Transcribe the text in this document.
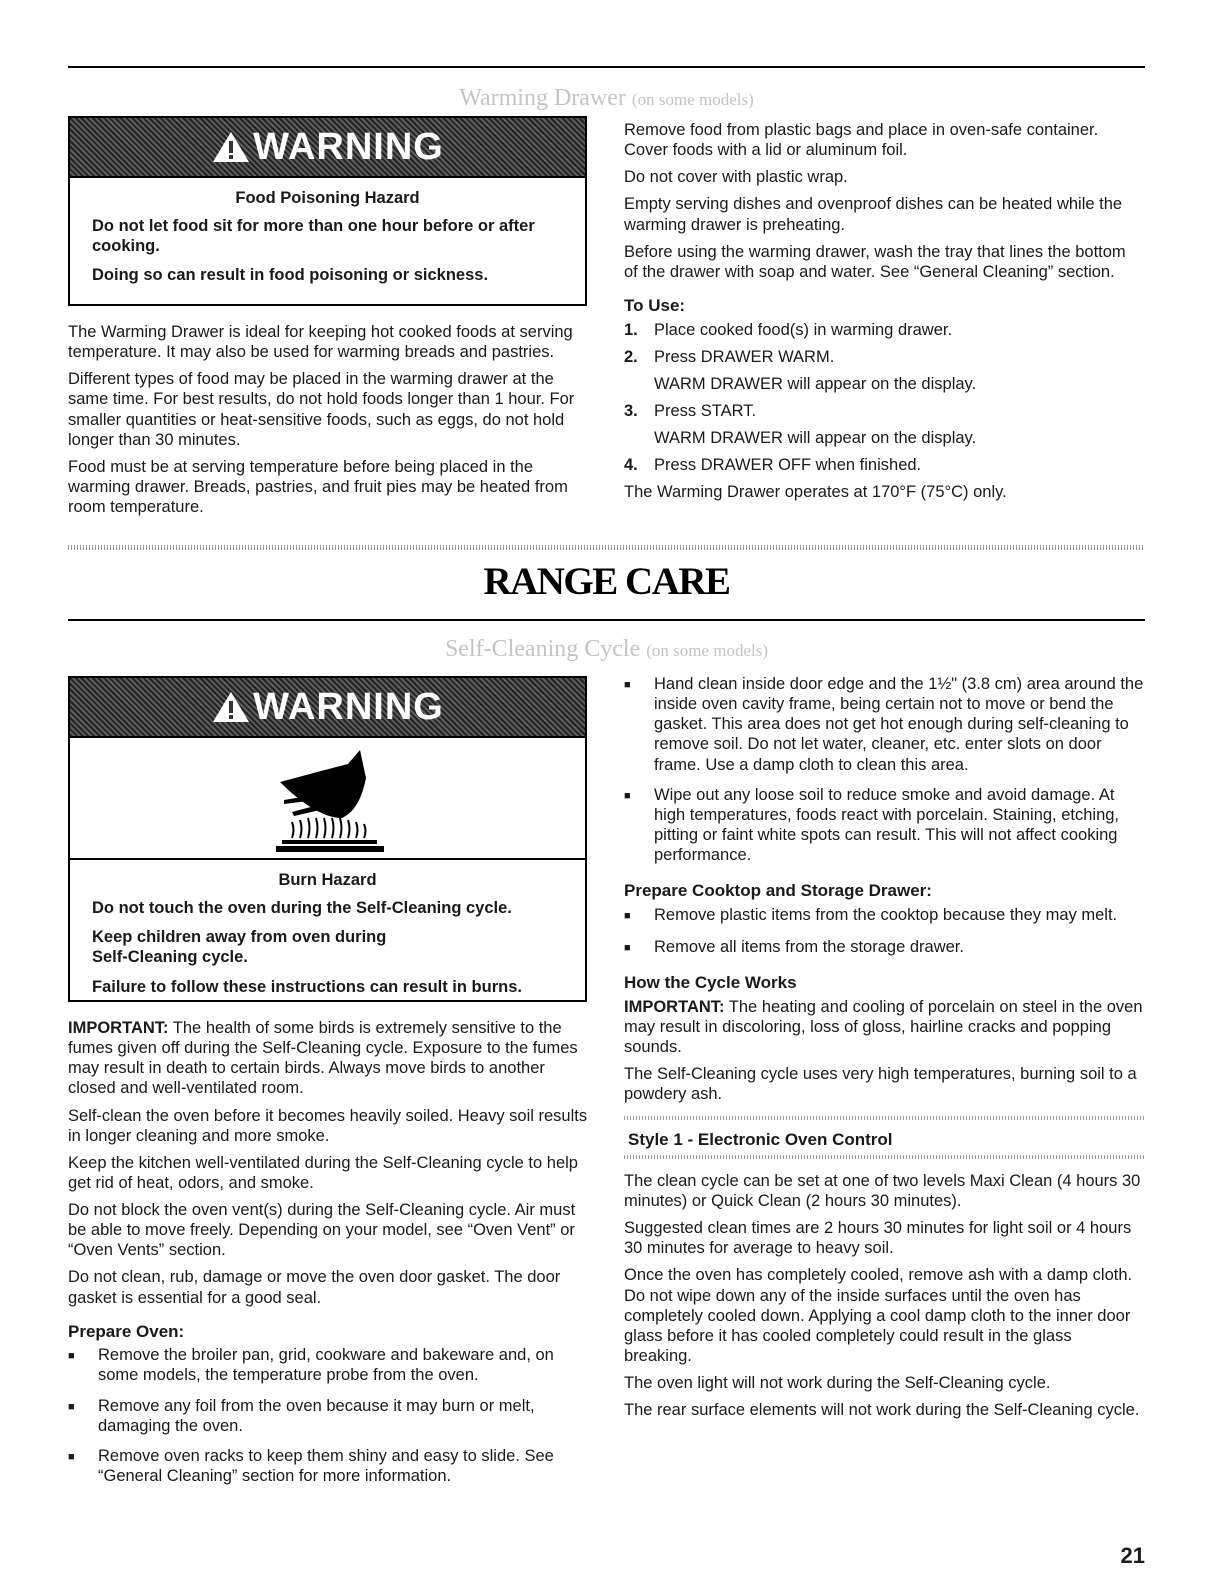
Warming Drawer (on some models)
WARNING
Food Poisoning Hazard

Do not let food sit for more than one hour before or after cooking.

Doing so can result in food poisoning or sickness.

The Warming Drawer is ideal for keeping hot cooked foods at serving temperature. It may also be used for warming breads and pastries.

Different types of food may be placed in the warming drawer at the same time. For best results, do not hold foods longer than 1 hour. For smaller quantities or heat-sensitive foods, such as eggs, do not hold longer than 30 minutes.

Food must be at serving temperature before being placed in the warming drawer. Breads, pastries, and fruit pies may be heated from room temperature.

Remove food from plastic bags and place in oven-safe container. Cover foods with a lid or aluminum foil.

Do not cover with plastic wrap.

Empty serving dishes and ovenproof dishes can be heated while the warming drawer is preheating.

Before using the warming drawer, wash the tray that lines the bottom of the drawer with soap and water. See “General Cleaning” section.

To Use:
1. Place cooked food(s) in warming drawer.
2. Press DRAWER WARM.
WARM DRAWER will appear on the display.
3. Press START.
WARM DRAWER will appear on the display.
4. Press DRAWER OFF when finished.

The Warming Drawer operates at 170°F (75°C) only.

RANGE CARE
Self-Cleaning Cycle (on some models)
WARNING
Burn Hazard

Do not touch the oven during the Self-Cleaning cycle.

Keep children away from oven during Self-Cleaning cycle.

Failure to follow these instructions can result in burns.

IMPORTANT: The health of some birds is extremely sensitive to the fumes given off during the Self-Cleaning cycle. Exposure to the fumes may result in death to certain birds. Always move birds to another closed and well-ventilated room.

Self-clean the oven before it becomes heavily soiled. Heavy soil results in longer cleaning and more smoke.

Keep the kitchen well-ventilated during the Self-Cleaning cycle to help get rid of heat, odors, and smoke.

Do not block the oven vent(s) during the Self-Cleaning cycle. Air must be able to move freely. Depending on your model, see “Oven Vent” or “Oven Vents” section.

Do not clean, rub, damage or move the oven door gasket. The door gasket is essential for a good seal.

Prepare Oven:
■	Remove the broiler pan, grid, cookware and bakeware and, on some models, the temperature probe from the oven.
■	Remove any foil from the oven because it may burn or melt, damaging the oven.
■	Remove oven racks to keep them shiny and easy to slide. See “General Cleaning” section for more information.
■	Hand clean inside door edge and the 1½" (3.8 cm) area around the inside oven cavity frame, being certain not to move or bend the gasket. This area does not get hot enough during self-cleaning to remove soil. Do not let water, cleaner, etc. enter slots on door frame. Use a damp cloth to clean this area.
■	Wipe out any loose soil to reduce smoke and avoid damage. At high temperatures, foods react with porcelain. Staining, etching, pitting or faint white spots can result. This will not affect cooking performance.
Prepare Cooktop and Storage Drawer:
■	Remove plastic items from the cooktop because they may melt.
■	Remove all items from the storage drawer.
How the Cycle Works

IMPORTANT: The heating and cooling of porcelain on steel in the oven may result in discoloring, loss of gloss, hairline cracks and popping sounds.

The Self-Cleaning cycle uses very high temperatures, burning soil to a powdery ash.

Style 1 - Electronic Oven Control

The clean cycle can be set at one of two levels Maxi Clean (4 hours 30 minutes) or Quick Clean (2 hours 30 minutes).

Suggested clean times are 2 hours 30 minutes for light soil or 4 hours 30 minutes for average to heavy soil.

Once the oven has completely cooled, remove ash with a damp cloth. Do not wipe down any of the inside surfaces until the oven has completely cooled down. Applying a cool damp cloth to the inner door glass before it has cooled completely could result in the glass breaking.

The oven light will not work during the Self-Cleaning cycle.

The rear surface elements will not work during the Self-Cleaning cycle.

21
